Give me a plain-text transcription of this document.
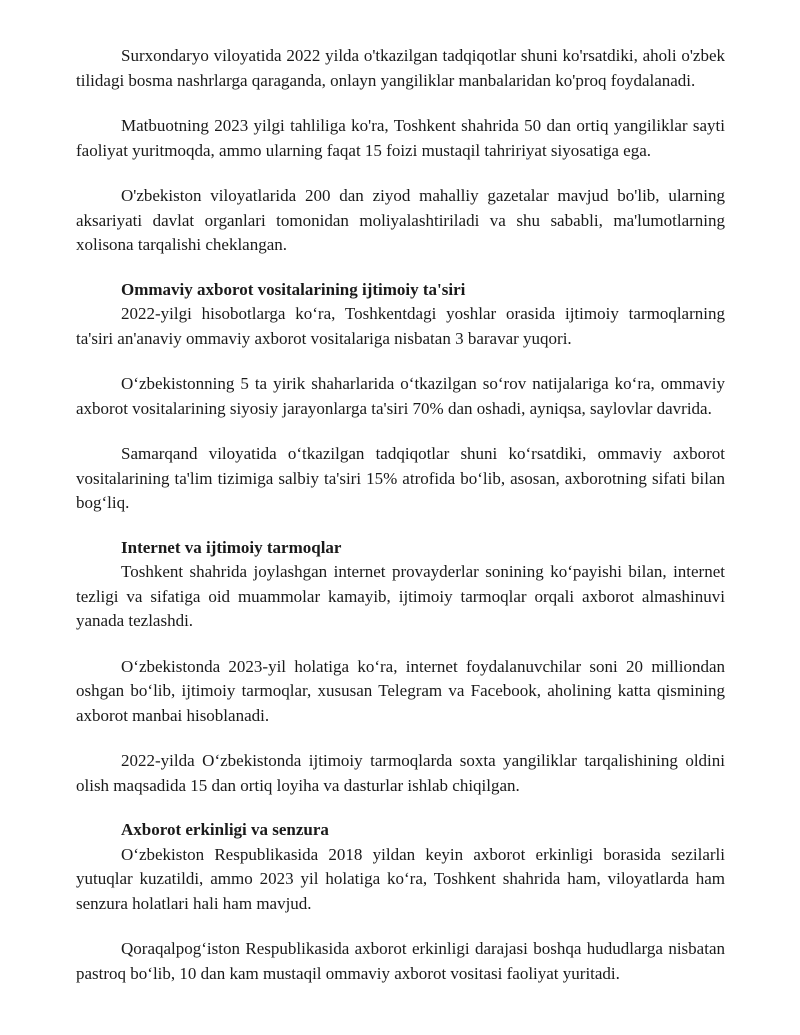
Surxondaryo viloyatida 2022 yilda o'tkazilgan tadqiqotlar shuni ko'rsatdiki, aholi o'zbek tilidagi bosma nashrlarga qaraganda, onlayn yangiliklar manbalaridan ko'proq foydalanadi.

Matbuotning 2023 yilgi tahliliga ko'ra, Toshkent shahrida 50 dan ortiq yangiliklar sayti faoliyat yuritmoqda, ammo ularning faqat 15 foizi mustaqil tahririyat siyosatiga ega.

O'zbekiston viloyatlarida 200 dan ziyod mahalliy gazetalar mavjud bo'lib, ularning aksariyati davlat organlari tomonidan moliyalashtiriladi va shu sababli, ma'lumotlarning xolisona tarqalishi cheklangan.

Ommaviy axborot vositalarining ijtimoiy ta'siri

2022-yilgi hisobotlarga ko‘ra, Toshkentdagi yoshlar orasida ijtimoiy tarmoqlarning ta'siri an'anaviy ommaviy axborot vositalariga nisbatan 3 baravar yuqori.

O‘zbekistonning 5 ta yirik shaharlarida o‘tkazilgan so‘rov natijalariga ko‘ra, ommaviy axborot vositalarining siyosiy jarayonlarga ta'siri 70% dan oshadi, ayniqsa, saylovlar davrida.

Samarqand viloyatida o‘tkazilgan tadqiqotlar shuni ko‘rsatdiki, ommaviy axborot vositalarining ta'lim tizimiga salbiy ta'siri 15% atrofida bo‘lib, asosan, axborotning sifati bilan bog‘liq.

Internet va ijtimoiy tarmoqlar

Toshkent shahrida joylashgan internet provayderlar sonining ko‘payishi bilan, internet tezligi va sifatiga oid muammolar kamayib, ijtimoiy tarmoqlar orqali axborot almashinuvi yanada tezlashdi.

O‘zbekistonda 2023-yil holatiga ko‘ra, internet foydalanuvchilar soni 20 milliondan oshgan bo‘lib, ijtimoiy tarmoqlar, xususan Telegram va Facebook, aholining katta qismining axborot manbai hisoblanadi.

2022-yilda O‘zbekistonda ijtimoiy tarmoqlarda soxta yangiliklar tarqalishining oldini olish maqsadida 15 dan ortiq loyiha va dasturlar ishlab chiqilgan.

Axborot erkinligi va senzura

O‘zbekiston Respublikasida 2018 yildan keyin axborot erkinligi borasida sezilarli yutuqlar kuzatildi, ammo 2023 yil holatiga ko‘ra, Toshkent shahrida ham, viloyatlarda ham senzura holatlari hali ham mavjud.

Qoraqalpog‘iston Respublikasida axborot erkinligi darajasi boshqa hududlarga nisbatan pastroq bo‘lib, 10 dan kam mustaqil ommaviy axborot vositasi faoliyat yuritadi.
